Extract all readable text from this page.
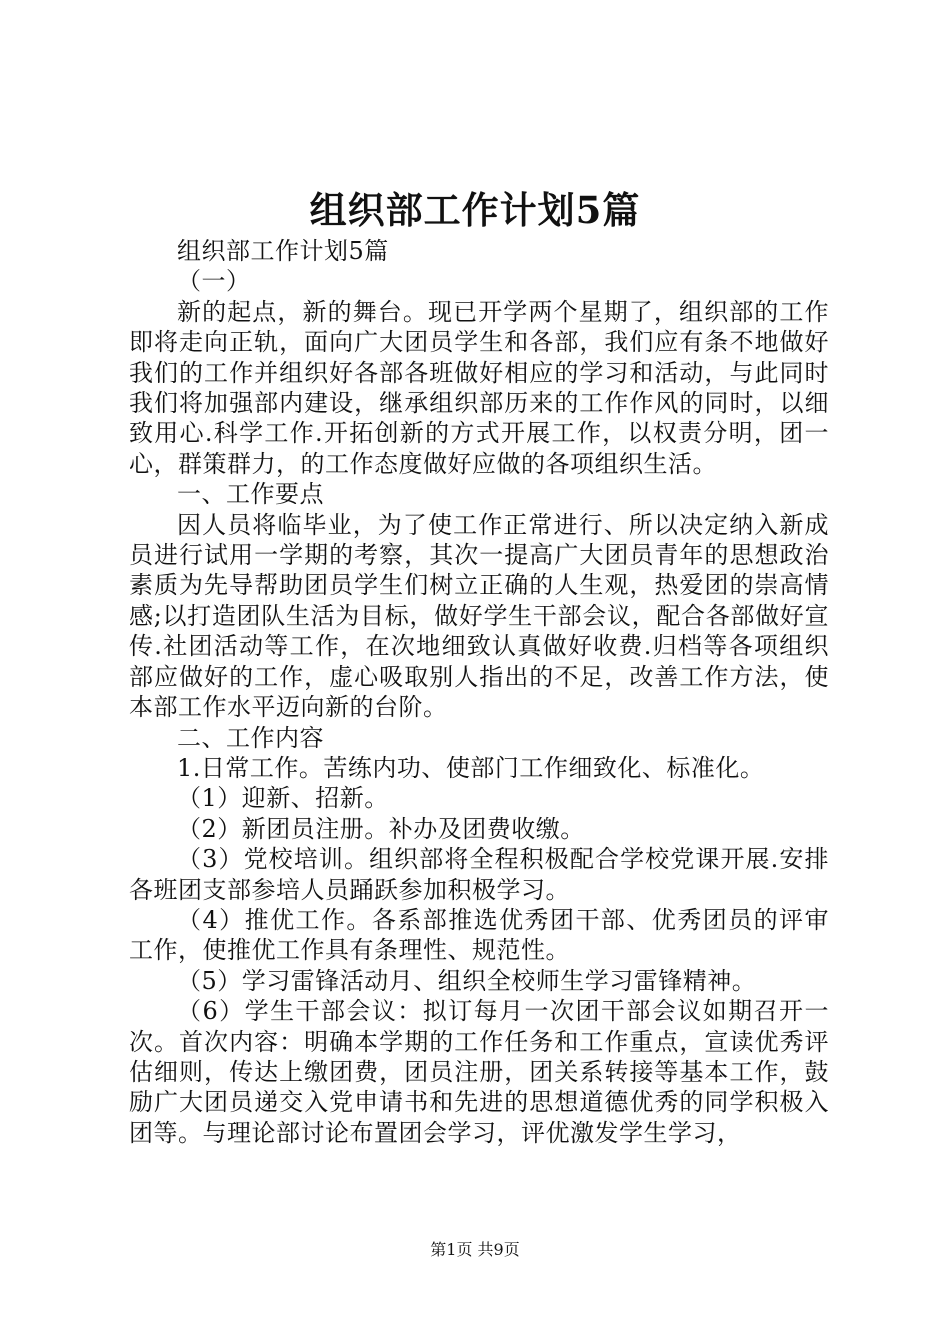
组织部工作计划5篇

组织部工作计划5篇

（一）

新的起点，新的舞台。现已开学两个星期了，组织部的工作即将走向正轨，面向广大团员学生和各部，我们应有条不地做好我们的工作并组织好各部各班做好相应的学习和活动，与此同时我们将加强部内建设，继承组织部历来的工作作风的同时，以细致用心.科学工作.开拓创新的方式开展工作，以权责分明，团一心，群策群力，的工作态度做好应做的各项组织生活。

一、工作要点

因人员将临毕业，为了使工作正常进行、所以决定纳入新成员进行试用一学期的考察，其次一提高广大团员青年的思想政治素质为先导帮助团员学生们树立正确的人生观，热爱团的崇高情感;以打造团队生活为目标，做好学生干部会议，配合各部做好宣传.社团活动等工作，在次地细致认真做好收费.归档等各项组织部应做好的工作，虚心吸取别人指出的不足，改善工作方法，使本部工作水平迈向新的台阶。

二、工作内容

1.日常工作。苦练内功、使部门工作细致化、标准化。

（1）迎新、招新。

（2）新团员注册。补办及团费收缴。

（3）党校培训。组织部将全程积极配合学校党课开展.安排各班团支部参培人员踊跃参加积极学习。

（4）推优工作。各系部推选优秀团干部、优秀团员的评审工作，使推优工作具有条理性、规范性。

（5）学习雷锋活动月、组织全校师生学习雷锋精神。

（6）学生干部会议：拟订每月一次团干部会议如期召开一次。首次内容：明确本学期的工作任务和工作重点，宣读优秀评估细则，传达上缴团费，团员注册，团关系转接等基本工作，鼓励广大团员递交入党申请书和先进的思想道德优秀的同学积极入团等。与理论部讨论布置团会学习，评优激发学生学习，

第1页 共9页
